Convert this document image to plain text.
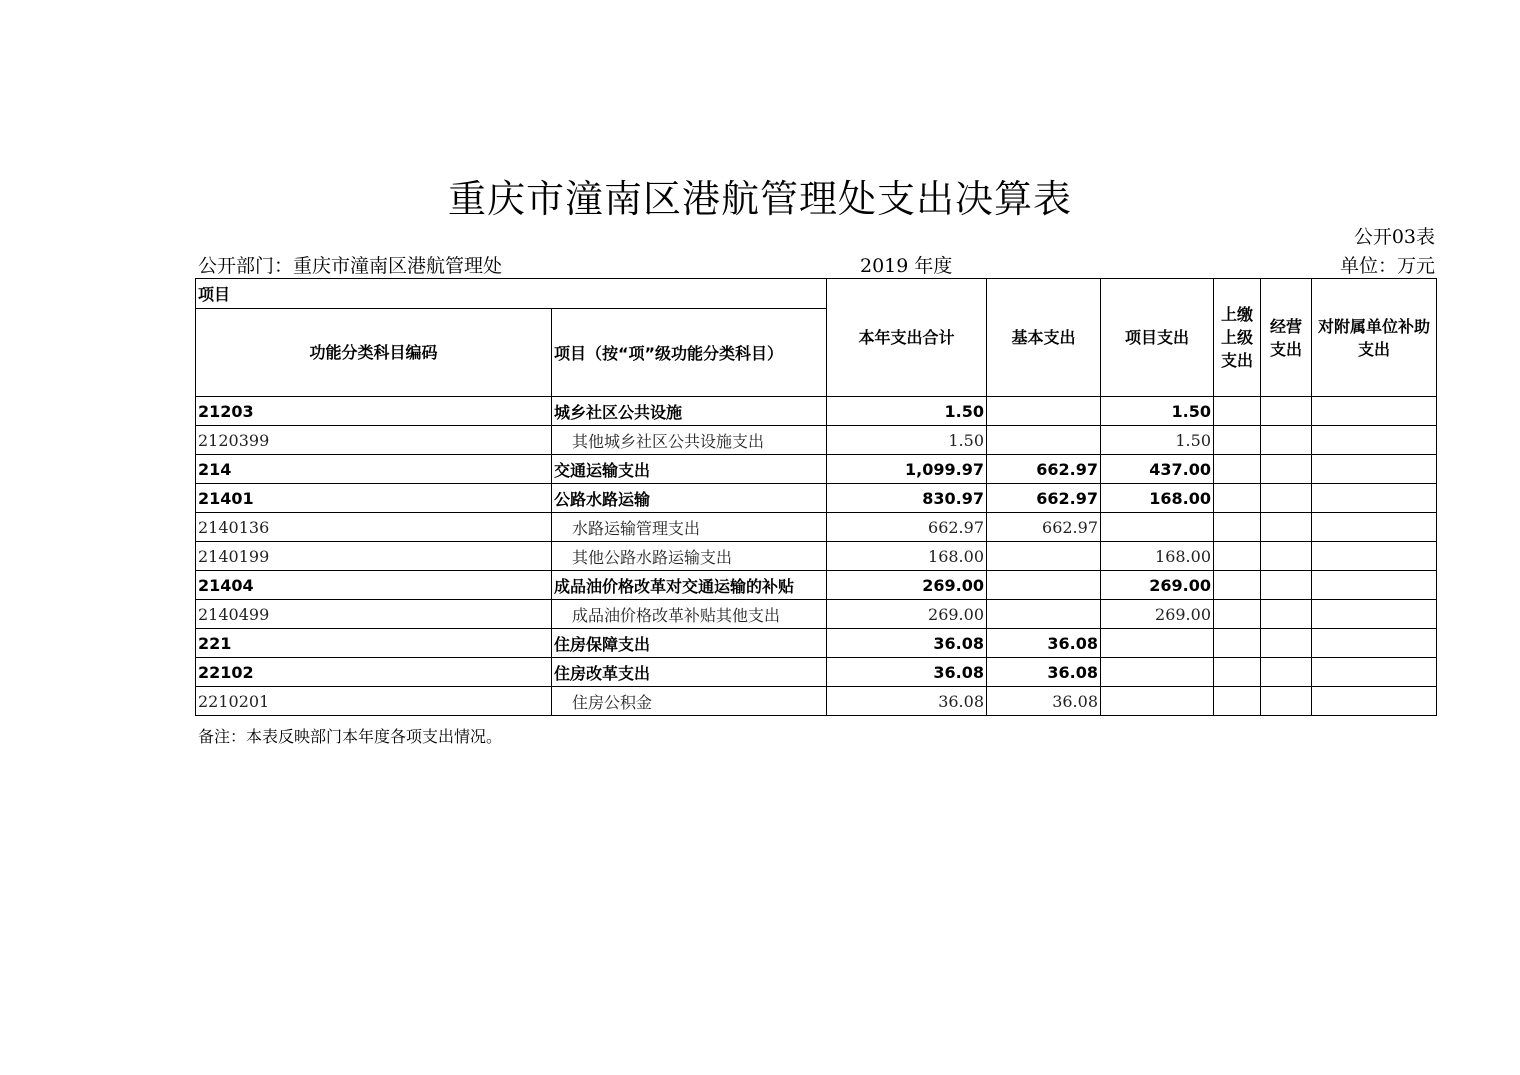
重庆市潼南区港航管理处支出决算表
公开03表
公开部门：重庆市潼南区港航管理处	2019 年度	单位：万元
项目		本年支出合计	基本支出	项目支出	上缴上级支出	经营支出	对附属单位补助支出
功能分类科目编码	项目（按“项”级功能分类科目）						
21203	城乡社区公共设施	1.50		1.50			
2120399	其他城乡社区公共设施支出	1.50		1.50			
214	交通运输支出	1,099.97	662.97	437.00			
21401	公路水路运输	830.97	662.97	168.00			
2140136	水路运输管理支出	662.97	662.97				
2140199	其他公路水路运输支出	168.00		168.00			
21404	成品油价格改革对交通运输的补贴	269.00		269.00			
2140499	成品油价格改革补贴其他支出	269.00		269.00			
221	住房保障支出	36.08	36.08				
22102	住房改革支出	36.08	36.08				
2210201	住房公积金	36.08	36.08				
备注：本表反映部门本年度各项支出情况。
